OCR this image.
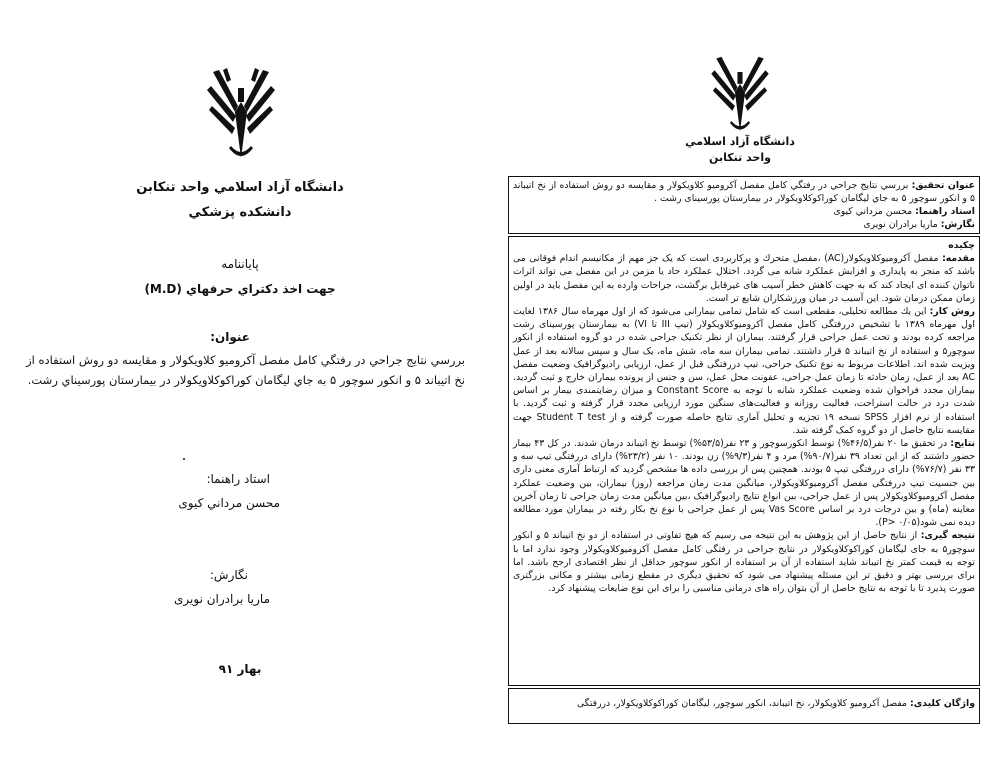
دانشگاه آزاد اسلامي واحد تنكابن
دانشكده پزشكي
پاياننامه
جهت اخذ دكتراي حرفهاي (M.D)
عنوان:
بررسي نتايج جراحي در رفتگي كامل مفصل آكروميو كلاويكولار و مقايسه دو روش استفاده از نخ اتيباند ۵ و انكور سوچور ۵ به جاي ليگامان كوراكوكلاويكولار در بيمارستان پورسيناي رشت.
استاد راهنما:
محسن مرداني كيوى
نگارش:
ماريا برادران نويرى
بهار ۹۱
دانشگاه آزاد اسلامي
واحد تنكابن

عنوان تحقيق: بررسي نتايج جراحي در رفتگي كامل مفصل آكروميو كلاويكولار و مقايسه دو روش استفاده از نخ اتيباند ۵ و انكور سوچور ۵ به جاي ليگامان كوراكوكلاويكولار در بيمارستان پورسيناى رشت .

استاد راهنما: محسن مرداني كيوى

نگارش: ماريا برادران نويرى

چكيده

مقدمه: مفصل آكروميوكلاويكولار(AC) ،مفصل متحرك و پركاربردى است كه يک جز مهم از مكانيسم اندام فوقانى مى باشد كه منجر به پايدارى و افزايش عملكرد شانه مى گردد. اختلال عملكرد حاد يا مزمن در اين مفصل مى تواند اثرات ناتوان كننده اى ايجاد كند كه به جهت كاهش خطر آسيب هاى غيرقابل برگشت، جراحات وارده به اين مفصل بايد در اولين زمان ممكن درمان شود. اين آسيب در ميان ورزشكاران شايع تر است.

روش كار: اين يك مطالعه تحليلى، مقطعى است كه شامل تمامى بيمارانى مى‌شود كه از اول مهرماه سال ۱۳۸۶ لغايت اول مهرماه ۱۳۸۹ با تشخيص دررفتگى كامل مفصل آكروميوكلاويكولار (تيپ III تا VI) به بيمارستان پورسيناى رشت مراجعه كرده بودند و تحت عمل جراحى قرار گرفتند. بيماران از نظر تكنيک جراحى شده در دو گروه استفاده از انكور سوچور۵ و استفاده از نخ اتيباند ۵ قرار داشتند. تمامى بيماران سه ماه، شش ماه، يک سال و سپس سالانه بعد از عمل ويزيت شده اند. اطلاعات مربوط به نوع تكنيک جراحى، تيپ دررفتگى قبل از عمل، ارزيابى راديوگرافيک وضعيت مفصل AC بعد از عمل، زمان حادثه تا زمان عمل جراحى، عفونت محل عمل، سن و جنس از پرونده بيماران خارج و ثبت گرديد. بيماران مجدد فراخوان شده وضعيت عملكرد شانه با توجه به Constant Score و ميزان رضايتمندى بيمار بر اساس شدت درد در حالت استراحت، فعاليت روزانه و فعاليت‌هاى سنگين مورد ارزيابى مجدد قرار گرفته و ثبت گرديد. با استفاده از نرم افزار SPSS نسخه ۱۹ تجزيه و تحليل آمارى نتايج حاصله صورت گرفته و از Student T test جهت مقايسه نتايج حاصل از دو گروه كمک گرفته شد.

نتايج: در تحقيق ما ۲۰ نفر(۴۶/۵%) توسط انكورسوچور و ۲۳ نفر(۵۳/۵%) توسط نخ اتيباند درمان شدند. در كل ۴۳ بيمار حضور داشتند كه از اين تعداد ۳۹ نفر(۹۰/۷%) مرد و ۴ نفر(۹/۳%) زن بودند. ۱۰ نفر (۲۳/۲%) داراى دررفتگى تيپ سه و ۳۳ نفر (۷۶/۷%) داراى دررفتگى تيپ ۵ بودند. همچنين پس از بررسى داده ها مشخص گرديد كه ارتباط آمارى معنى دارى بين جنسيت تيپ دررفتگى مفصل آكروميوكلاويكولار، ميانگين مدت زمان مراجعه (روز) بيماران، بين وضعيت عملكرد مفصل آكروميوكلاويكولار پس از عمل جراحى، بين انواع نتايج راديوگرافيک ،بين ميانگين مدت زمان جراحى تا زمان آخرين معاينه (ماه) و بين درجات درد بر اساس Vas Score پس از عمل جراحى با نوع نخ بكار رفته در بيماران مورد مطالعه ديده نمى شود(P> ۰/۰۵).

نتيجه گيرى: از نتايج حاصل از اين پژوهش به اين نتيجه مى رسيم كه هيچ تفاوتى در استفاده از دو نخ اتيباند ۵ و انكور سوچور۵ به جاى ليگامان كوراكوكلاويكولار در نتايج جراحى در رفتگى كامل مفصل آكروميوكلاويكولار وجود ندارد اما با توجه به قيمت كمتر نخ اتيباند شايد استفاده از آن بر استفاده از انكور سوچور حداقل از نظر اقتصادى ارجح باشد. اما براى بررسى بهتر و دقيق تر اين مسئله پيشنهاد مى شود كه تحقيق ديگرى در مقطع زمانى بيشتر و مكانى بزرگترى صورت پذيرد تا با توجه به نتايج حاصل از آن بتوان راه هاى درمانى مناسبى را براى اين نوع ضايعات پيشنهاد كرد.

واژگان كليدى: مفصل آكروميو كلاويكولار، نخ اتيباند، انكور سوچور، ليگامان كوراكوكلاويكولار، دررفتگى
